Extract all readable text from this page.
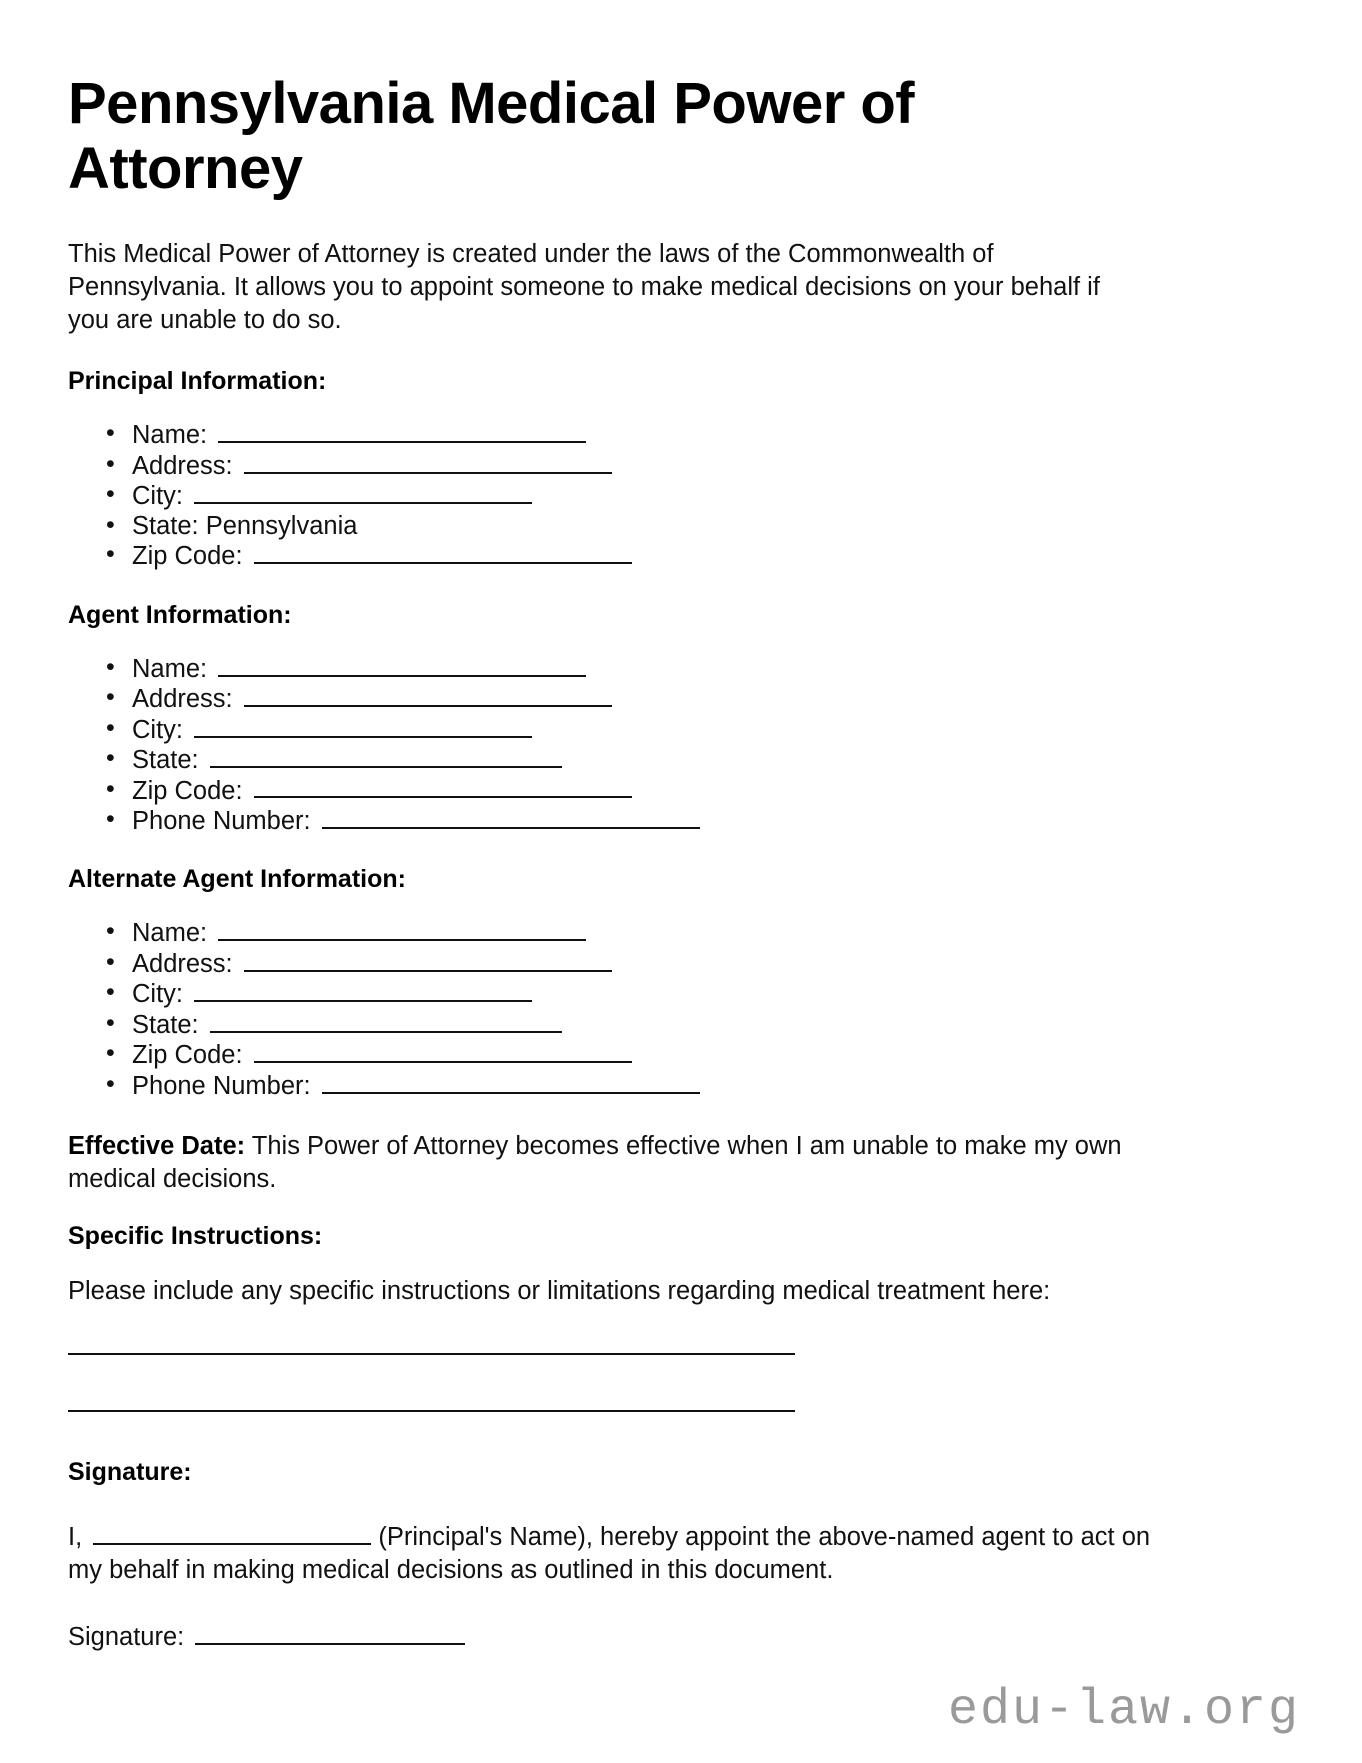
Pennsylvania Medical Power of Attorney

This Medical Power of Attorney is created under the laws of the Commonwealth of Pennsylvania. It allows you to appoint someone to make medical decisions on your behalf if you are unable to do so.

Principal Information:
• Name:
• Address:
• City:
• State: Pennsylvania
• Zip Code:
Agent Information:
• Name:
• Address:
• City:
• State:
• Zip Code:
• Phone Number:
Alternate Agent Information:
• Name:
• Address:
• City:
• State:
• Zip Code:
• Phone Number:

Effective Date: This Power of Attorney becomes effective when I am unable to make my own medical decisions.

Specific Instructions:

Please include any specific instructions or limitations regarding medical treatment here:

Signature:

I,	(Principal's Name), hereby appoint the above-named agent to act on my behalf in making medical decisions as outlined in this document.

Signature:

edu-law.org
